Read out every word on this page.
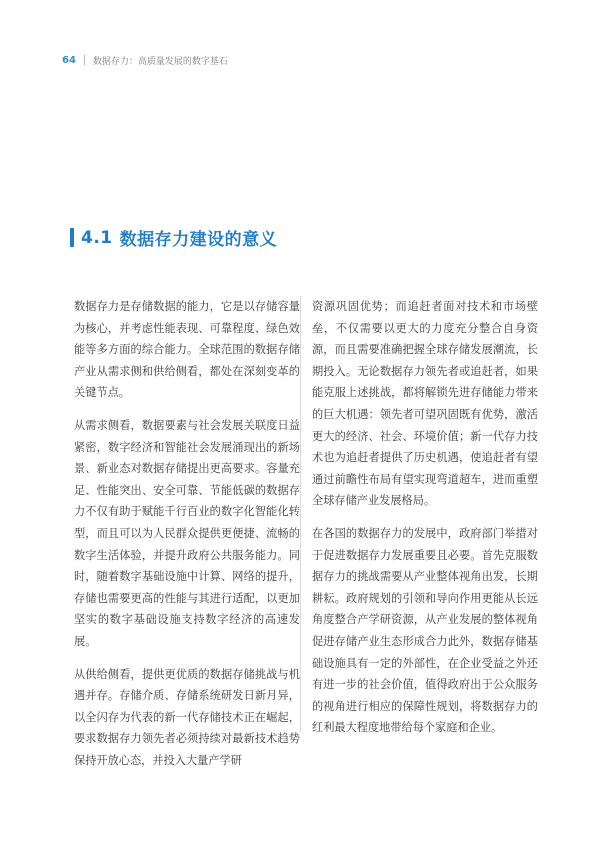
64 数据存力：高质量发展的数字基石
4.1 数据存力建设的意义

数据存力是存储数据的能力，它是以存储容量为核心，并考虑性能表现、可靠程度、绿色效能等多方面的综合能力。全球范围的数据存储产业从需求侧和供给侧看，都处在深刻变革的关键节点。

从需求侧看，数据要素与社会发展关联度日益紧密，数字经济和智能社会发展涌现出的新场景、新业态对数据存储提出更高要求。容量充足、性能突出、安全可靠、节能低碳的数据存力不仅有助于赋能千行百业的数字化智能化转型，而且可以为人民群众提供更便捷、流畅的数字生活体验，并提升政府公共服务能力。同时，随着数字基础设施中计算、网络的提升，存储也需要更高的性能与其进行适配，以更加坚实的数字基础设施支持数字经济的高速发展。

从供给侧看，提供更优质的数据存储挑战与机遇并存。存储介质、存储系统研发日新月异，以全闪存为代表的新一代存储技术正在崛起，要求数据存力领先者必须持续对最新技术趋势保持开放心态，并投入大量产学研

资源巩固优势；而追赶者面对技术和市场壁垒，不仅需要以更大的力度充分整合自身资源，而且需要准确把握全球存储发展潮流，长期投入。无论数据存力领先者或追赶者，如果能克服上述挑战，都将解锁先进存储能力带来的巨大机遇：领先者可望巩固既有优势，激活更大的经济、社会、环境价值；新一代存力技术也为追赶者提供了历史机遇，使追赶者有望通过前瞻性布局有望实现弯道超车，进而重塑全球存储产业发展格局。

在各国的数据存力的发展中，政府部门举措对于促进数据存力发展重要且必要。首先克服数据存力的挑战需要从产业整体视角出发，长期耕耘。政府规划的引领和导向作用更能从长远角度整合产学研资源，从产业发展的整体视角促进存储产业生态形成合力此外，数据存储基础设施具有一定的外部性，在企业受益之外还有进一步的社会价值，值得政府出于公众服务的视角进行相应的保障性规划，将数据存力的红利最大程度地带给每个家庭和企业。
